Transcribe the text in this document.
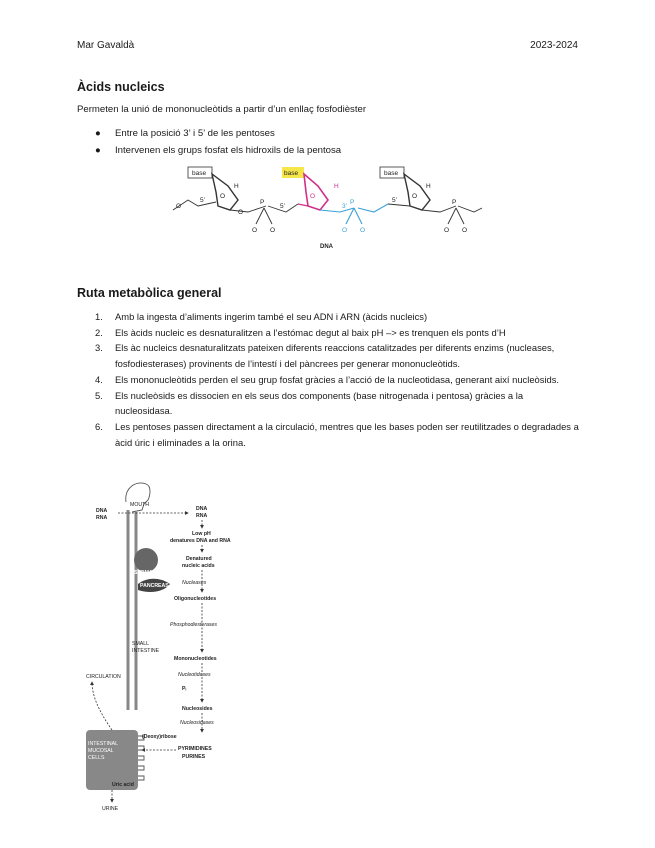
Mar Gavaldà	2023-2024
Àcids nucleics
Permeten la unió de mononucleòtids a partir d’un enllaç fosfodièster
● Entre la posició 3’ i 5’ de les pentoses
● Intervenen els grups fosfat els hidroxils de la pentosa
base
H
O
O
5’
O
P
O O
5’
base
H
O
3’
P
O O
base
H
O
5’	P
O O
DNA
Ruta metabòlica general
1.	Amb la ingesta d’aliments ingerim també el seu ADN i ARN (àcids nucleics)
2.	Els àcids nucleic es desnaturalitzen a l’estómac degut al baix pH –> es trenquen els ponts d’H
3.	Els àc nucleics desnaturalitzats pateixen diferents reaccions catalitzades per diferents enzims (nucleases, fosfodiesterases) provinents de l’intestí i del pàncrees per generar mononucleòtids.
4.	Els mononucleòtids perden el seu grup fosfat gràcies a l’acció de la nucleotidasa, generant així nucleòsids.
5.	Els nucleòsids es dissocien en els seus dos components (base nitrogenada i pentosa) gràcies a la nucleosidasa.
6.	Les pentoses passen directament a la circulació, mentres que les bases poden ser reutilitzades o degradades a àcid úric i eliminades a la orina.
DNA
RNA
MOUTH
STOMACH
PANCREAS
SMALL
INTESTINE
CIRCULATION
INTESTINAL
MUCOSAL
CELLS
Uric acid
URINE
DNA
RNA
Low pH
denatures DNA and RNA
Denatured
nucleic acids
Nucleases
Oligonucleotides
Phosphodiesterases
Mononucleotides
Nucleotidases
Pᵢ
Nucleosides
Nucleosidases
(Deoxy)ribose
PYRIMIDINES
PURINES
